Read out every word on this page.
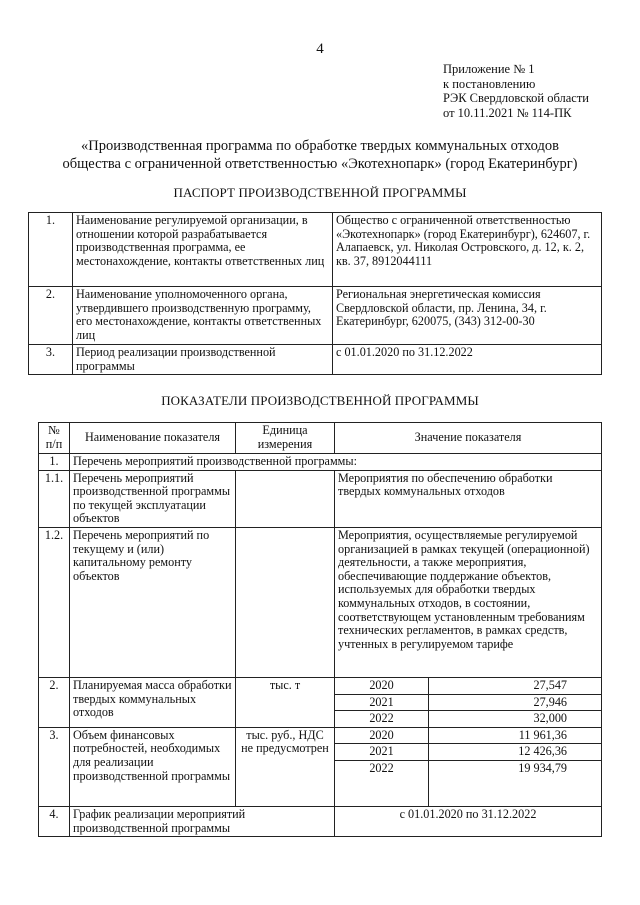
4
Приложение № 1
к постановлению
РЭК Свердловской области
от 10.11.2021 № 114-ПК
«Производственная программа по обработке твердых коммунальных отходов
общества с ограниченной ответственностью «Экотехнопарк» (город Екатеринбург)
ПАСПОРТ ПРОИЗВОДСТВЕННОЙ ПРОГРАММЫ
1.	Наименование регулируемой организации, в отношении которой разрабатывается производственная программа, ее местонахождение, контакты ответственных лиц	Общество с ограниченной ответственностью «Экотехнопарк» (город Екатеринбург), 624607, г. Алапаевск, ул. Николая Островского, д. 12, к. 2, кв. 37, 8912044111
2.	Наименование уполномоченного органа, утвердившего производственную программу, его местонахождение, контакты ответственных лиц	Региональная энергетическая комиссия Свердловской области, пр. Ленина, 34, г. Екатеринбург, 620075, (343) 312-00-30
3.	Период реализации производственной программы	с 01.01.2020 по 31.12.2022
ПОКАЗАТЕЛИ ПРОИЗВОДСТВЕННОЙ ПРОГРАММЫ
№ п/п	Наименование показателя	Единица измерения	Значение показателя	
1.	Перечень мероприятий производственной программы:			
1.1.	Перечень мероприятий производственной программы по текущей эксплуатации объектов		Мероприятия по обеспечению обработки твердых коммунальных отходов	
1.2.	Перечень мероприятий по текущему и (или) капитальному ремонту объектов		Мероприятия, осуществляемые регулируемой организацией в рамках текущей (операционной) деятельности, а также мероприятия, обеспечивающие поддержание объектов, используемых для обработки твердых коммунальных отходов, в состоянии, соответствующем установленным требованиям технических регламентов, в рамках средств, учтенных в регулируемом тарифе	
2.	Планируемая масса обработки твердых коммунальных отходов	тыс. т	2020	27,547
			2021	27,946
			2022	32,000
3.	Объем финансовых потребностей, необходимых для реализации производственной программы	тыс. руб., НДС не предусмотрен	2020	11 961,36
			2021	12 426,36
			2022	19 934,79
4.	График реализации мероприятий производственной программы		с 01.01.2020 по 31.12.2022	
